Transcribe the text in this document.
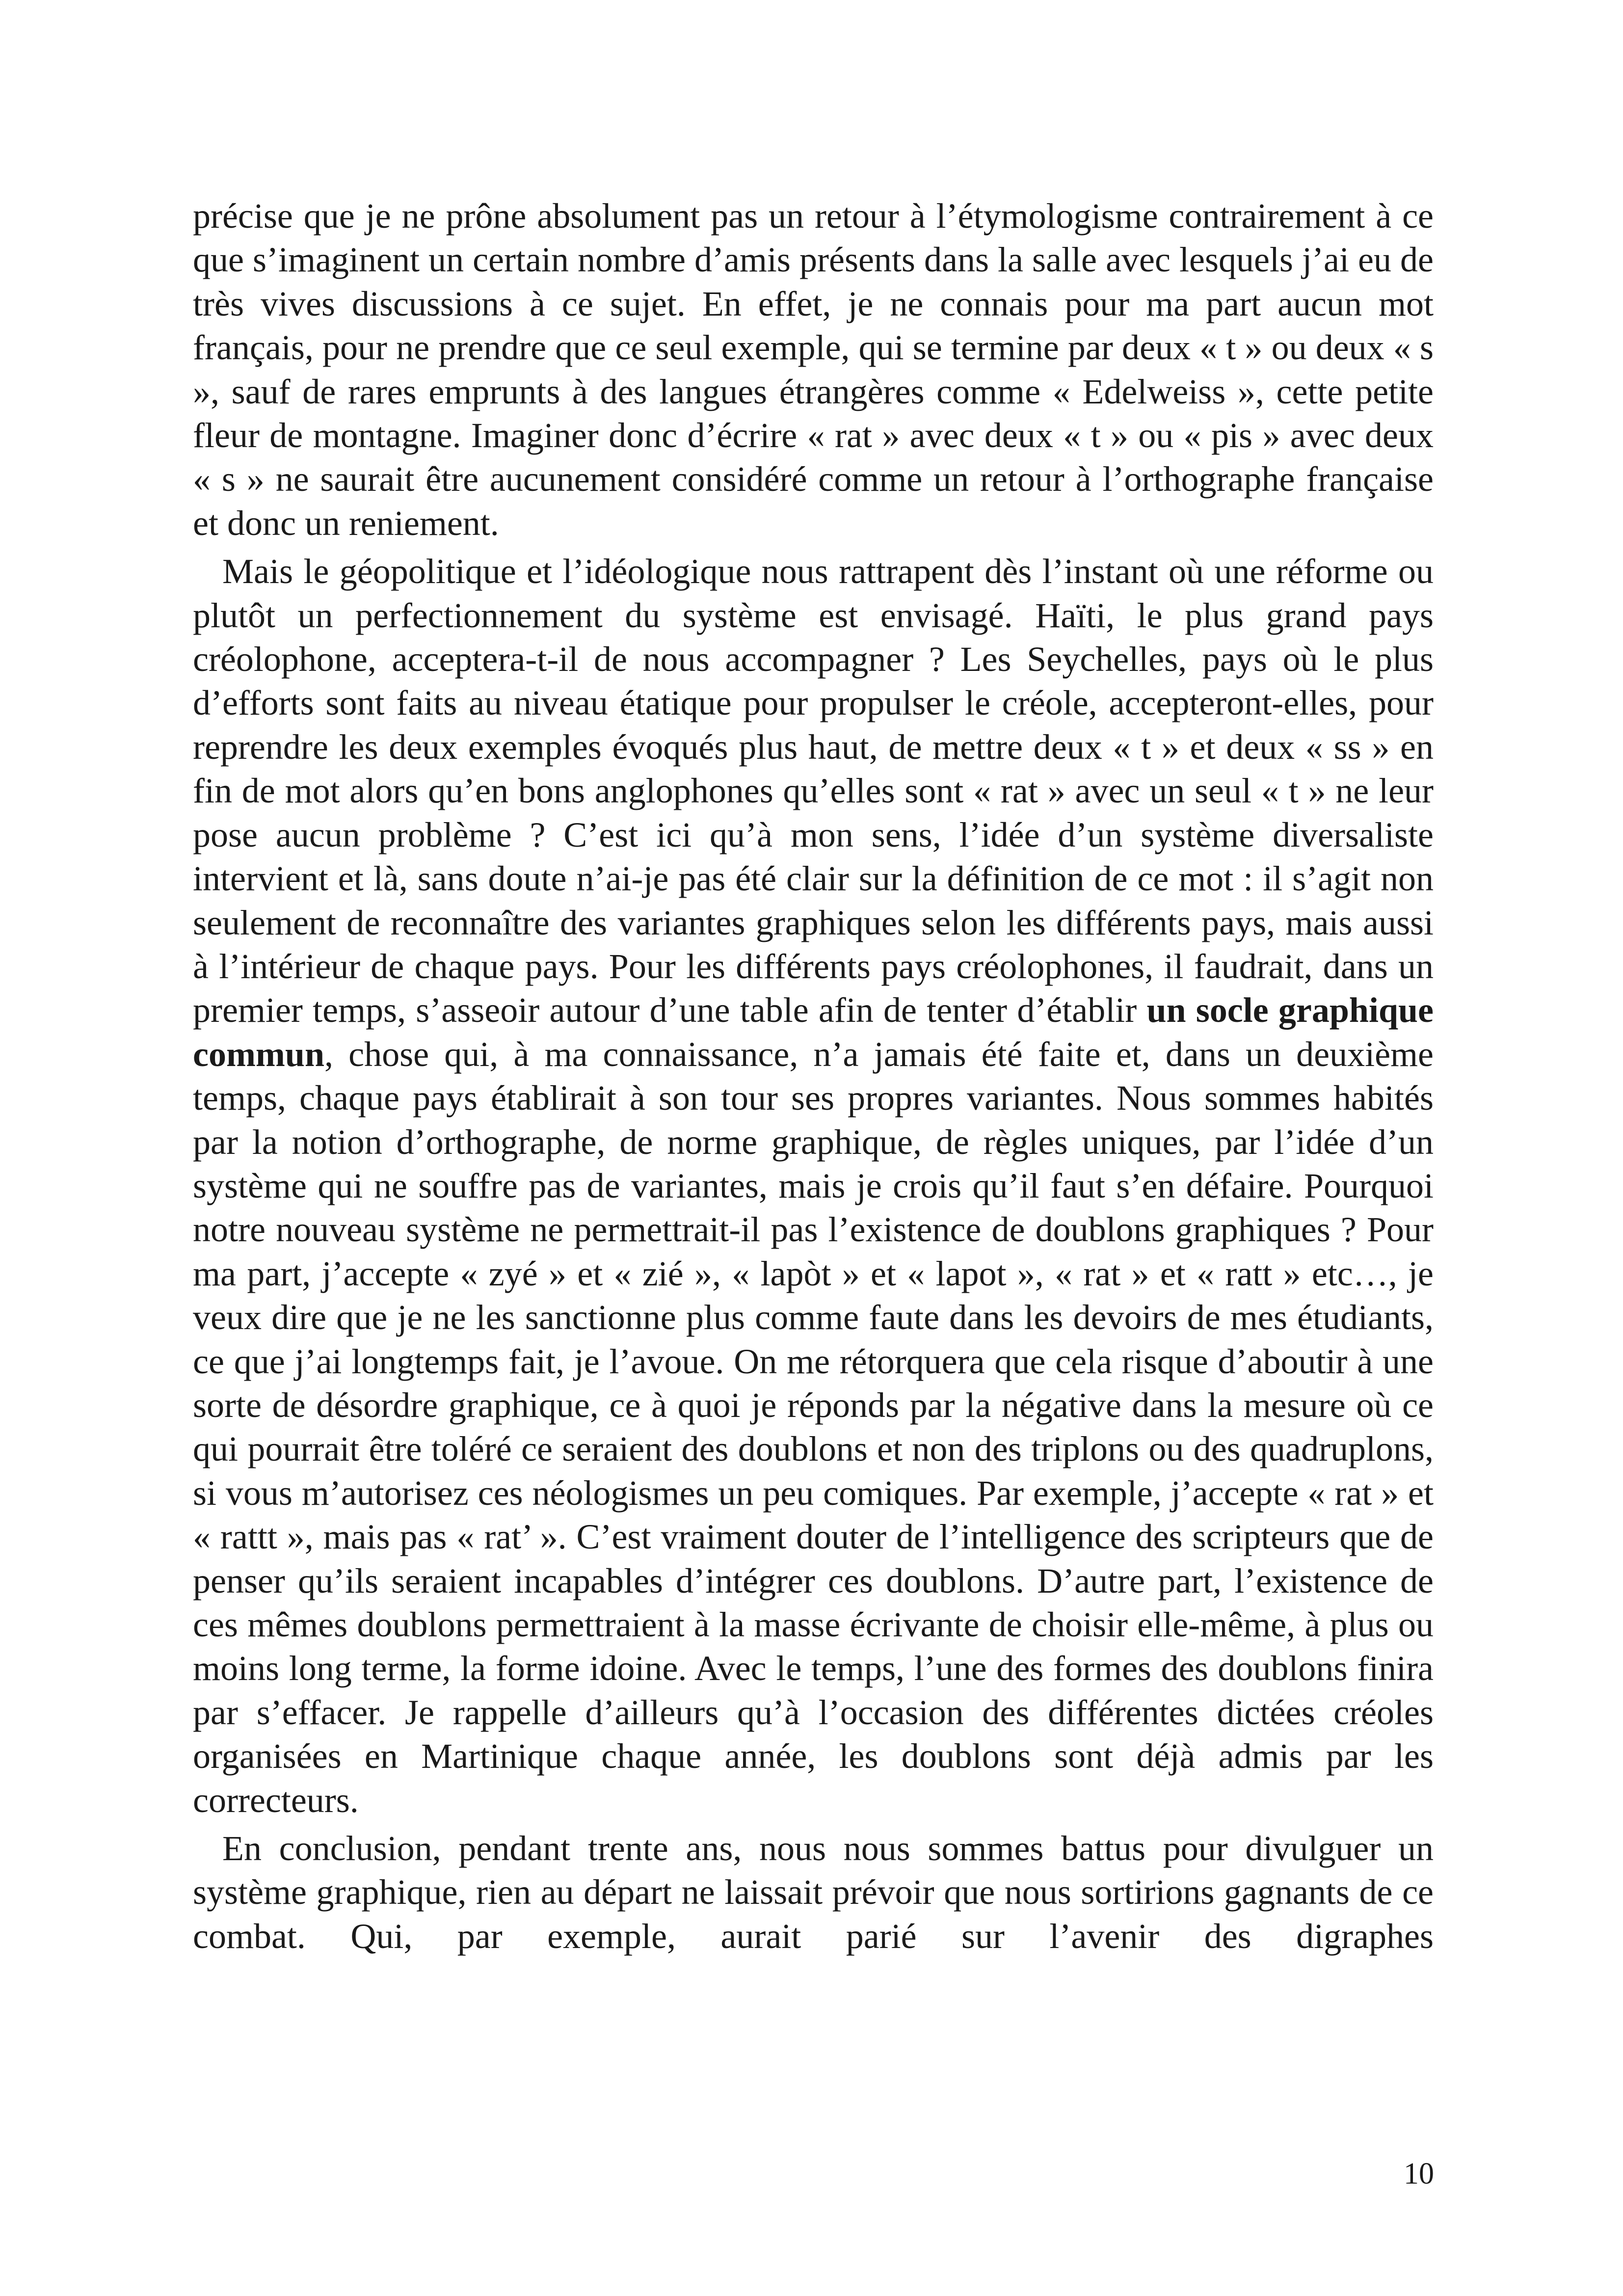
précise que je ne prône absolument pas un retour à l’étymologisme contrairement à ce que s’imaginent un certain nombre d’amis présents dans la salle avec lesquels j’ai eu de très vives discussions à ce sujet. En effet, je ne connais pour ma part aucun mot français, pour ne prendre que ce seul exemple, qui se termine par deux « t » ou deux « s », sauf de rares emprunts à des langues étrangères comme « Edelweiss », cette petite fleur de montagne. Imaginer donc d’écrire « rat » avec deux « t » ou « pis » avec deux « s » ne saurait être aucunement considéré comme un retour à l’orthographe française et donc un reniement.

Mais le géopolitique et l’idéologique nous rattrapent dès l’instant où une réforme ou plutôt un perfectionnement du système est envisagé. Haïti, le plus grand pays créolophone, acceptera-t-il de nous accompagner ? Les Seychelles, pays où le plus d’efforts sont faits au niveau étatique pour propulser le créole, accepteront-elles, pour reprendre les deux exemples évoqués plus haut, de mettre deux « t » et deux « ss » en fin de mot alors qu’en bons anglophones qu’elles sont « rat » avec un seul « t » ne leur pose aucun problème ? C’est ici qu’à mon sens, l’idée d’un système diversaliste intervient et là, sans doute n’ai-je pas été clair sur la définition de ce mot : il s’agit non seulement de reconnaître des variantes graphiques selon les différents pays, mais aussi à l’intérieur de chaque pays. Pour les différents pays créolophones, il faudrait, dans un premier temps, s’asseoir autour d’une table afin de tenter d’établir un socle graphique commun, chose qui, à ma connaissance, n’a jamais été faite et, dans un deuxième temps, chaque pays établirait à son tour ses propres variantes. Nous sommes habités par la notion d’orthographe, de norme graphique, de règles uniques, par l’idée d’un système qui ne souffre pas de variantes, mais je crois qu’il faut s’en défaire. Pourquoi notre nouveau système ne permettrait-il pas l’existence de doublons graphiques ? Pour ma part, j’accepte « zyé » et « zié », « lapòt » et « lapot », « rat » et « ratt » etc…, je veux dire que je ne les sanctionne plus comme faute dans les devoirs de mes étudiants, ce que j’ai longtemps fait, je l’avoue. On me rétorquera que cela risque d’aboutir à une sorte de désordre graphique, ce à quoi je réponds par la négative dans la mesure où ce qui pourrait être toléré ce seraient des doublons et non des triplons ou des quadruplons, si vous m’autorisez ces néologismes un peu comiques. Par exemple, j’accepte « rat » et « rattt », mais pas « rat’ ». C’est vraiment douter de l’intelligence des scripteurs que de penser qu’ils seraient incapables d’intégrer ces doublons. D’autre part, l’existence de ces mêmes doublons permettraient à la masse écrivante de choisir elle-même, à plus ou moins long terme, la forme idoine. Avec le temps, l’une des formes des doublons finira par s’effacer. Je rappelle d’ailleurs qu’à l’occasion des différentes dictées créoles organisées en Martinique chaque année, les doublons sont déjà admis par les correcteurs.

En conclusion, pendant trente ans, nous nous sommes battus pour divulguer un système graphique, rien au départ ne laissait prévoir que nous sortirions gagnants de ce combat. Qui, par exemple, aurait parié sur l’avenir des digraphes

10
